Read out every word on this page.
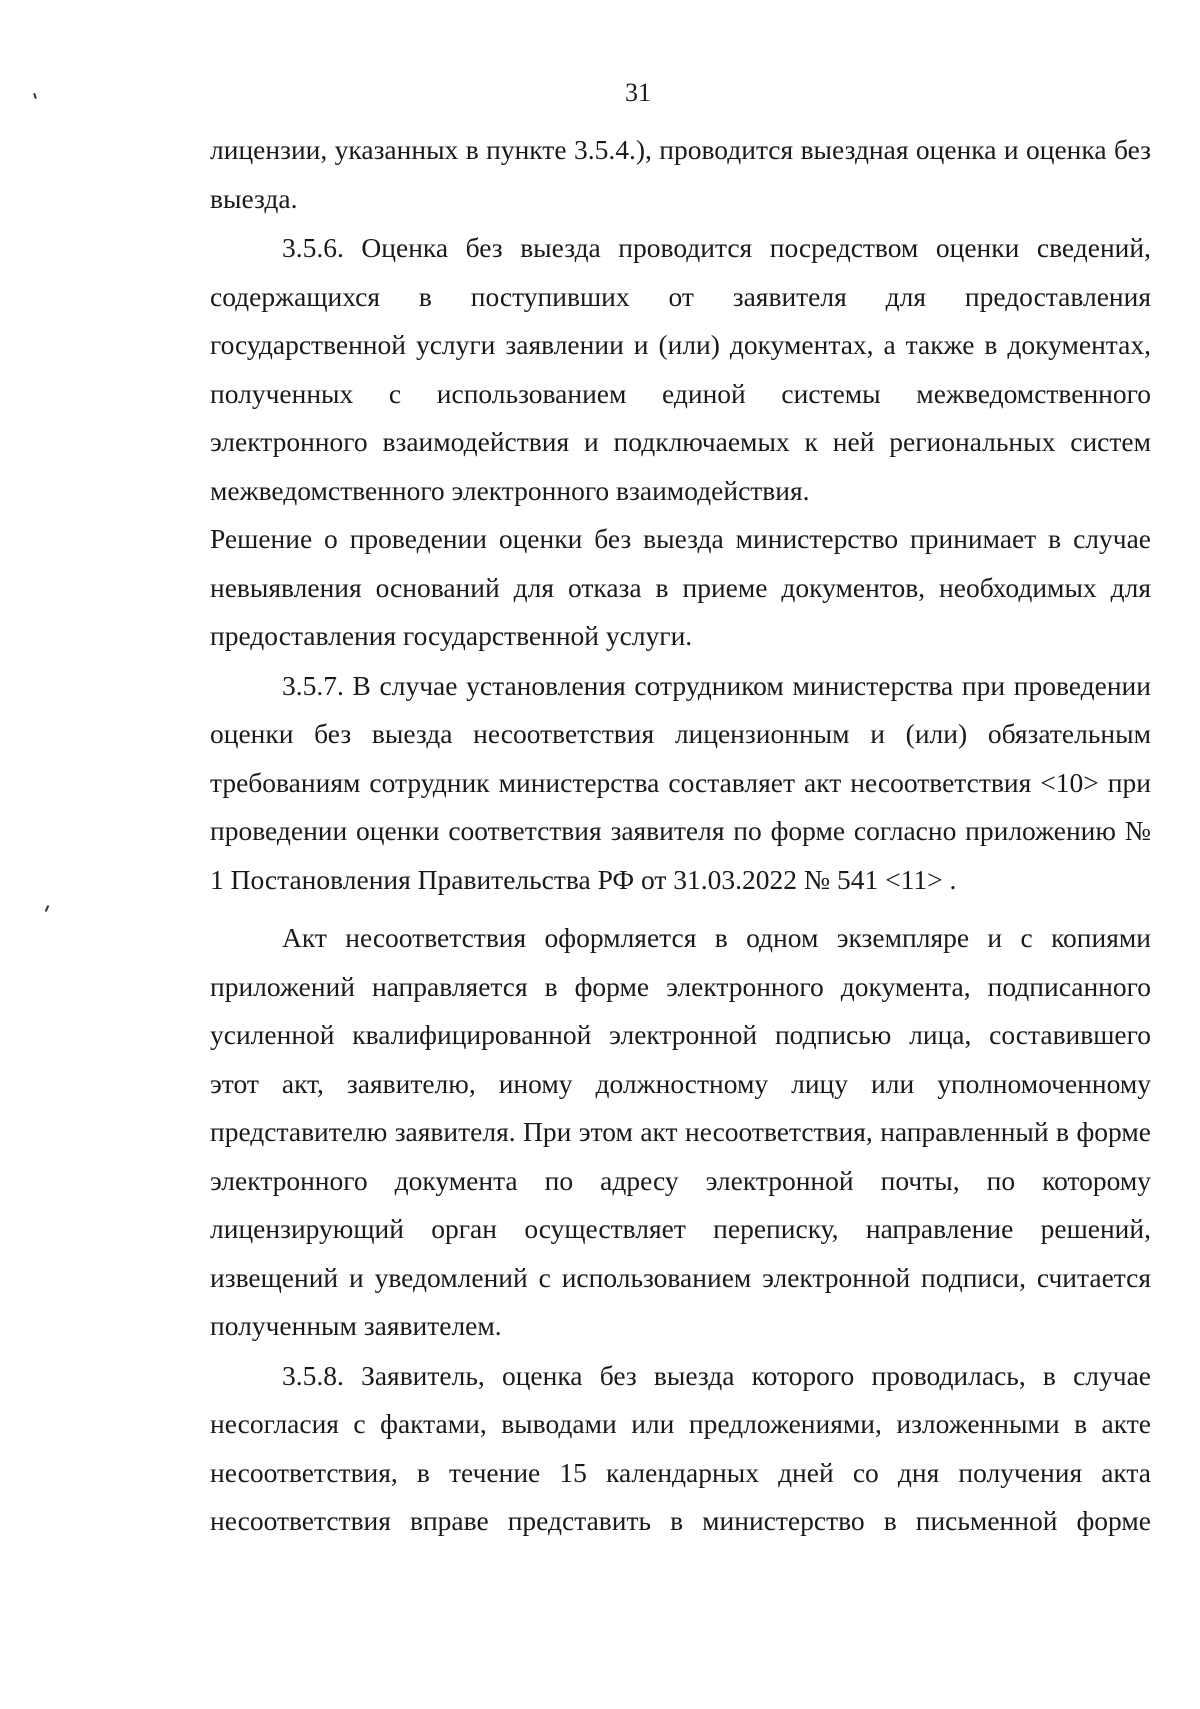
31

лицензии, указанных в пункте 3.5.4.), проводится выездная оценка и оценка без выезда.

3.5.6. Оценка без выезда проводится посредством оценки сведений, содержащихся в поступивших от заявителя для предоставления государственной услуги заявлении и (или) документах, а также в документах, полученных с использованием единой системы межведомственного электронного взаимодействия и подключаемых к ней региональных систем межведомственного электронного взаимодействия.

Решение о проведении оценки без выезда министерство принимает в случае невыявления оснований для отказа в приеме документов, необходимых для предоставления государственной услуги.

3.5.7. В случае установления сотрудником министерства при проведении оценки без выезда несоответствия лицензионным и (или) обязательным требованиям сотрудник министерства составляет акт несоответствия <10> при проведении оценки соответствия заявителя по форме согласно приложению № 1 Постановления Правительства РФ от 31.03.2022 № 541 <11> .

Акт несоответствия оформляется в одном экземпляре и с копиями приложений направляется в форме электронного документа, подписанного усиленной квалифицированной электронной подписью лица, составившего этот акт, заявителю, иному должностному лицу или уполномоченному представителю заявителя. При этом акт несоответствия, направленный в форме электронного документа по адресу электронной почты, по которому лицензирующий орган осуществляет переписку, направление решений, извещений и уведомлений с использованием электронной подписи, считается полученным заявителем.

3.5.8. Заявитель, оценка без выезда которого проводилась, в случае несогласия с фактами, выводами или предложениями, изложенными в акте несоответствия, в течение 15 календарных дней со дня получения акта несоответствия вправе представить в министерство в письменной форме
